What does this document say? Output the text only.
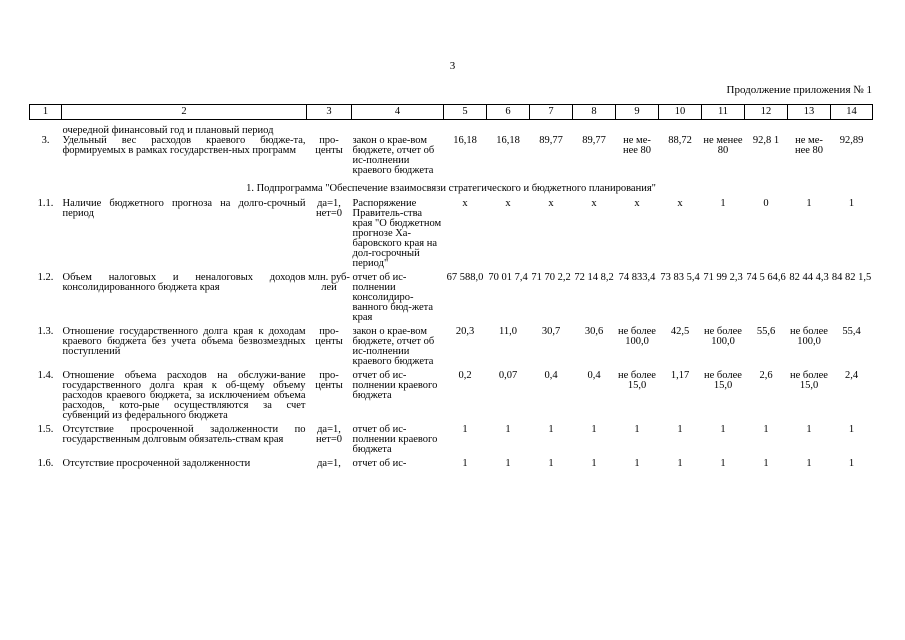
3
Продолжение приложения № 1
1	2	3	4	5	6	7	8	9	10	11	12	13	14
	очередной финансовый год и плановый период												
3.	Удельный вес расходов краевого бюдже-та, формируемых в рамках государствен-ных программ	про-центы	закон о крае-вом бюджете, отчет об ис-полнении краевого бюджета	16,18	16,18	89,77	89,77	не ме-нее 80	88,72	не менее 80	92,8 1	не ме-нее 80	92,89
1. Подпрограмма "Обеспечение взаимосвязи стратегического и бюджетного планирования"													
1.1.	Наличие бюджетного прогноза на долго-срочный период	да=1, нет=0	Распоряжение Правитель-ства края "О бюджетном прогнозе Ха-баровского края на дол-госрочный период"	x	x	x	x	x	x	1	0	1	1
1.2.	Объем налоговых и неналоговых доходов консолидированного бюджета края	млн. руб-лей	отчет об ис-полнении консолидиро-ванного бюд-жета края	67 588,0	70 01 7,4	71 70 2,2	72 14 8,2	74 833,4	73 83 5,4	71 99 2,3	74 5 64,6	82 44 4,3	84 82 1,5
1.3.	Отношение государственного долга края к доходам краевого бюджета без учета объема безвозмездных поступлений	про-центы	закон о крае-вом бюджете, отчет об ис-полнении краевого бюджета	20,3	11,0	30,7	30,6	не более 100,0	42,5	не более 100,0	55,6	не более 100,0	55,4
1.4.	Отношение объема расходов на обслужи-вание государственного долга края к об-щему объему расходов краевого бюджета, за исключением объема расходов, кото-рые осуществляются за счет субвенций из федерального бюджета	про-центы	отчет об ис-полнении краевого бюджета	0,2	0,07	0,4	0,4	не более 15,0	1,17	не более 15,0	2,6	не более 15,0	2,4
1.5.	Отсутствие просроченной задолженности по государственным долговым обязатель-ствам края	да=1, нет=0	отчет об ис-полнении краевого бюджета	1	1	1	1	1	1	1	1	1	1
1.6.	Отсутствие просроченной задолженности	да=1,	отчет об ис-	1	1	1	1	1	1	1	1	1	1
